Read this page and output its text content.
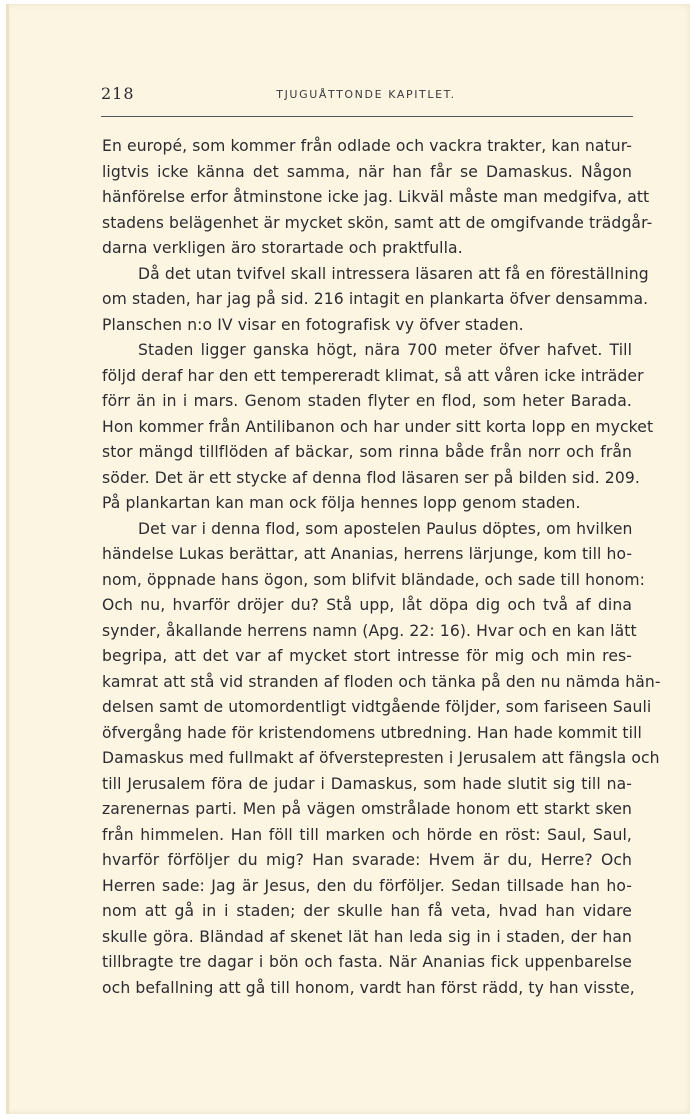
218	TJUGUÅTTONDE KAPITLET.
En europé, som kommer från odlade och vackra trakter, kan natur-
ligtvis icke känna det samma, när han får se Damaskus. Någon
hänförelse erfor åtminstone icke jag. Likväl måste man medgifva, att
stadens belägenhet är mycket skön, samt att de omgifvande trädgår-
darna verkligen äro storartade och praktfulla.
Då det utan tvifvel skall intressera läsaren att få en föreställning
om staden, har jag på sid. 216 intagit en plankarta öfver densamma.
Planschen n:o IV visar en fotografisk vy öfver staden.
Staden ligger ganska högt, nära 700 meter öfver hafvet. Till
följd deraf har den ett tempereradt klimat, så att våren icke inträder
förr än in i mars. Genom staden flyter en flod, som heter Barada.
Hon kommer från Antilibanon och har under sitt korta lopp en mycket
stor mängd tillflöden af bäckar, som rinna både från norr och från
söder. Det är ett stycke af denna flod läsaren ser på bilden sid. 209.
På plankartan kan man ock följa hennes lopp genom staden.
Det var i denna flod, som apostelen Paulus döptes, om hvilken
händelse Lukas berättar, att Ananias, herrens lärjunge, kom till ho-
nom, öppnade hans ögon, som blifvit bländade, och sade till honom:
Och nu, hvarför dröjer du? Stå upp, låt döpa dig och två af dina
synder, åkallande herrens namn (Apg. 22: 16). Hvar och en kan lätt
begripa, att det var af mycket stort intresse för mig och min res-
kamrat att stå vid stranden af floden och tänka på den nu nämda hän-
delsen samt de utomordentligt vidtgående följder, som fariseen Sauli
öfvergång hade för kristendomens utbredning. Han hade kommit till
Damaskus med fullmakt af öfverstepresten i Jerusalem att fängsla och
till Jerusalem föra de judar i Damaskus, som hade slutit sig till na-
zarenernas parti. Men på vägen omstrålade honom ett starkt sken
från himmelen. Han föll till marken och hörde en röst: Saul, Saul,
hvarför förföljer du mig? Han svarade: Hvem är du, Herre? Och
Herren sade: Jag är Jesus, den du förföljer. Sedan tillsade han ho-
nom att gå in i staden; der skulle han få veta, hvad han vidare
skulle göra. Bländad af skenet lät han leda sig in i staden, der han
tillbragte tre dagar i bön och fasta. När Ananias fick uppenbarelse
och befallning att gå till honom, vardt han först rädd, ty han visste,
